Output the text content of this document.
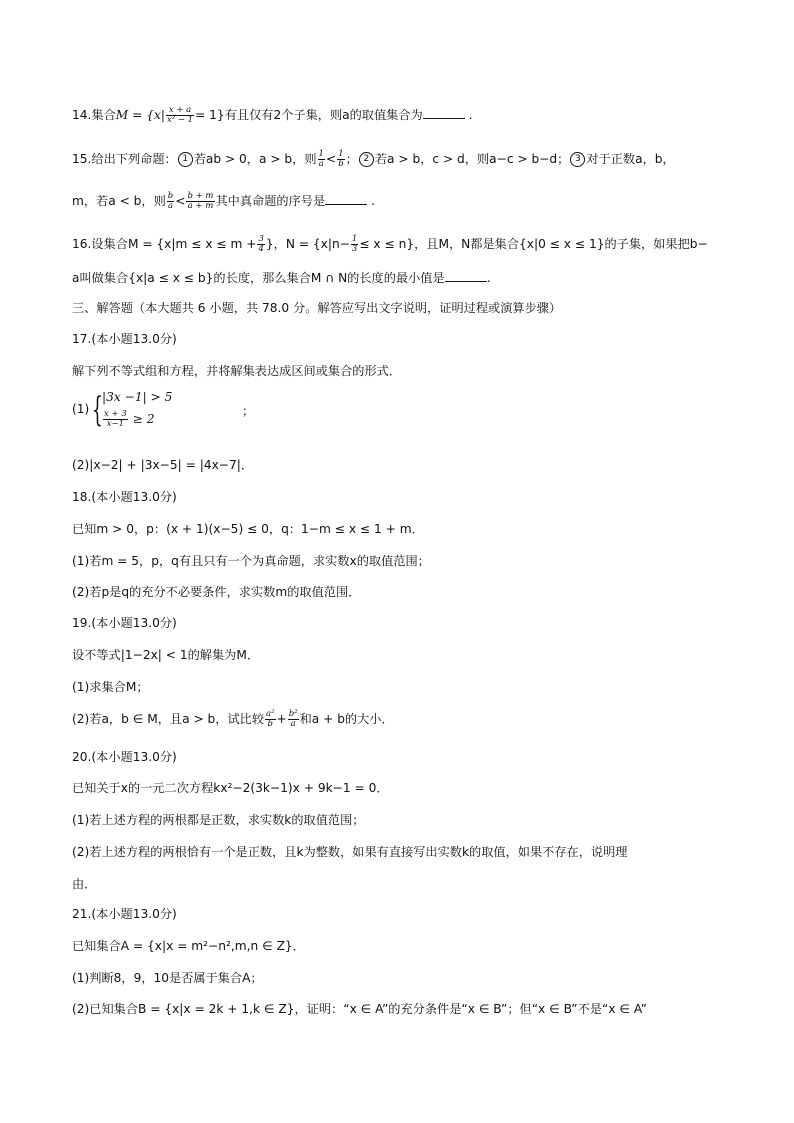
14.集合$M = \{x| \frac{x + a}{\text{x² − 1}} = 1\}$有且仅有2个子集，则a的取值集合为	.
15.给出下列命题： 1 若ab > 0，a > b，则 $\frac{1}{a} < \frac{1}{b}$ ； 2 若a > b，c > d，则a−c > b−d； 3 对于正数a，b，
m，若a < b，则 $\frac{b}{a} < \frac{b + m}{a + m}$ 其中真命题的序号是	.
16.设集合$M = \{x|m \le x \le m + \frac{3}{4}$ }，$N = \{x|n- \frac{1}{3} \le x \le n\}$，且M，N都是集合{x|0 ≤ x ≤ 1}的子集，如果把b−
a叫做集合{x|a ≤ x ≤ b}的长度，那么集合M ∩ N的长度的最小值是	.
三、解答题（本大题共 6 小题，共 78.0 分。解答应写出文字说明，证明过程或演算步骤）
17.(本小题13.0分)
解下列不等式组和方程，并将解集表达成区间或集合的形式．
(1) { |3x −1| > 5
$\frac{x + 3}{x-1} \ge 2$
；
(2)|x−2| + |3x−5| = |4x−7|．
18.(本小题13.0分)
已知m > 0，p：(x + 1)(x−5) ≤ 0，q：1−m ≤ x ≤ 1 + m．
(1)若m = 5，p，q有且只有一个为真命题，求实数x的取值范围；
(2)若p是q的充分不必要条件，求实数m的取值范围．
19.(本小题13.0分)
设不等式|1−2x| < 1的解集为M．
(1)求集合M；
(2)若a，b ∈ M，且a > b，试比较 $\frac{\text{a²}}{b} + \frac{\text{b²}}{a}$ 和a + b的大小．
20.(本小题13.0分)
已知关于x的一元二次方程kx²−2(3k−1)x + 9k−1 = 0．
(1)若上述方程的两根都是正数，求实数k的取值范围；
(2)若上述方程的两根恰有一个是正数，且k为整数，如果有直接写出实数k的取值，如果不存在，说明理
由．
21.(本小题13.0分)
已知集合A = {x|x = m²−n²,m,n ∈ Z}．
(1)判断8，9，10是否属于集合A；
(2)已知集合B = {x|x = 2k + 1,k ∈ Z}，证明：“x ∈ A”的充分条件是“x ∈ B”；但“x ∈ B”不是“x ∈ A”
